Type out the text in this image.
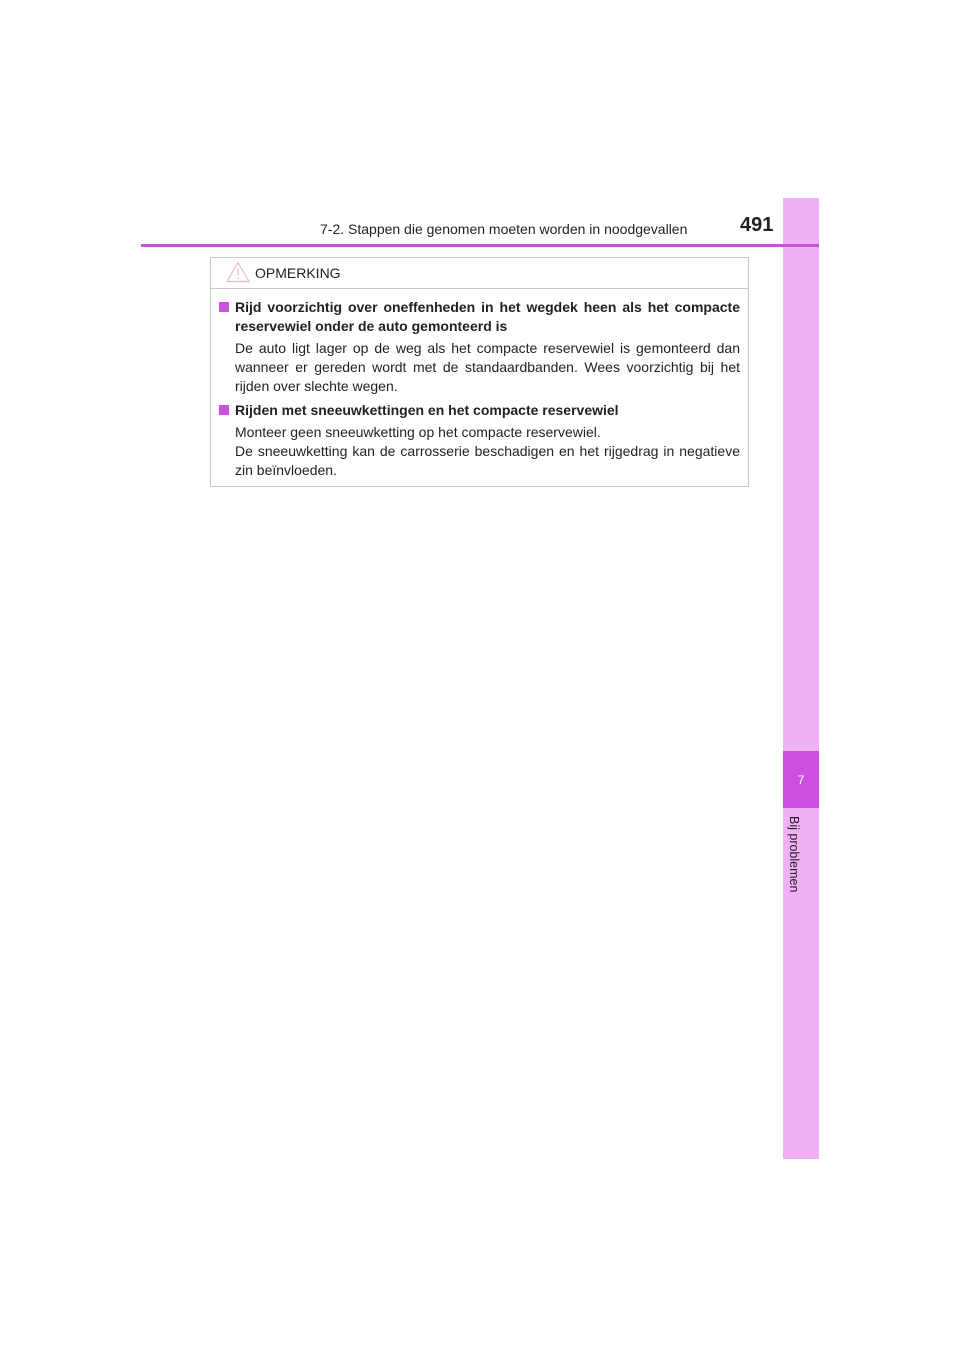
7
Bij problemen
7-2. Stappen die genomen moeten worden in noodgevallen	491
OPMERKING
Rijd voorzichtig over oneffenheden in het wegdek heen als het compacte reservewiel onder de auto gemonteerd is

De auto ligt lager op de weg als het compacte reservewiel is gemonteerd dan wanneer er gereden wordt met de standaardbanden. Wees voorzichtig bij het rijden over slechte wegen.

Rijden met sneeuwkettingen en het compacte reservewiel

Monteer geen sneeuwketting op het compacte reservewiel.

De sneeuwketting kan de carrosserie beschadigen en het rijgedrag in negatieve zin beïnvloeden.
